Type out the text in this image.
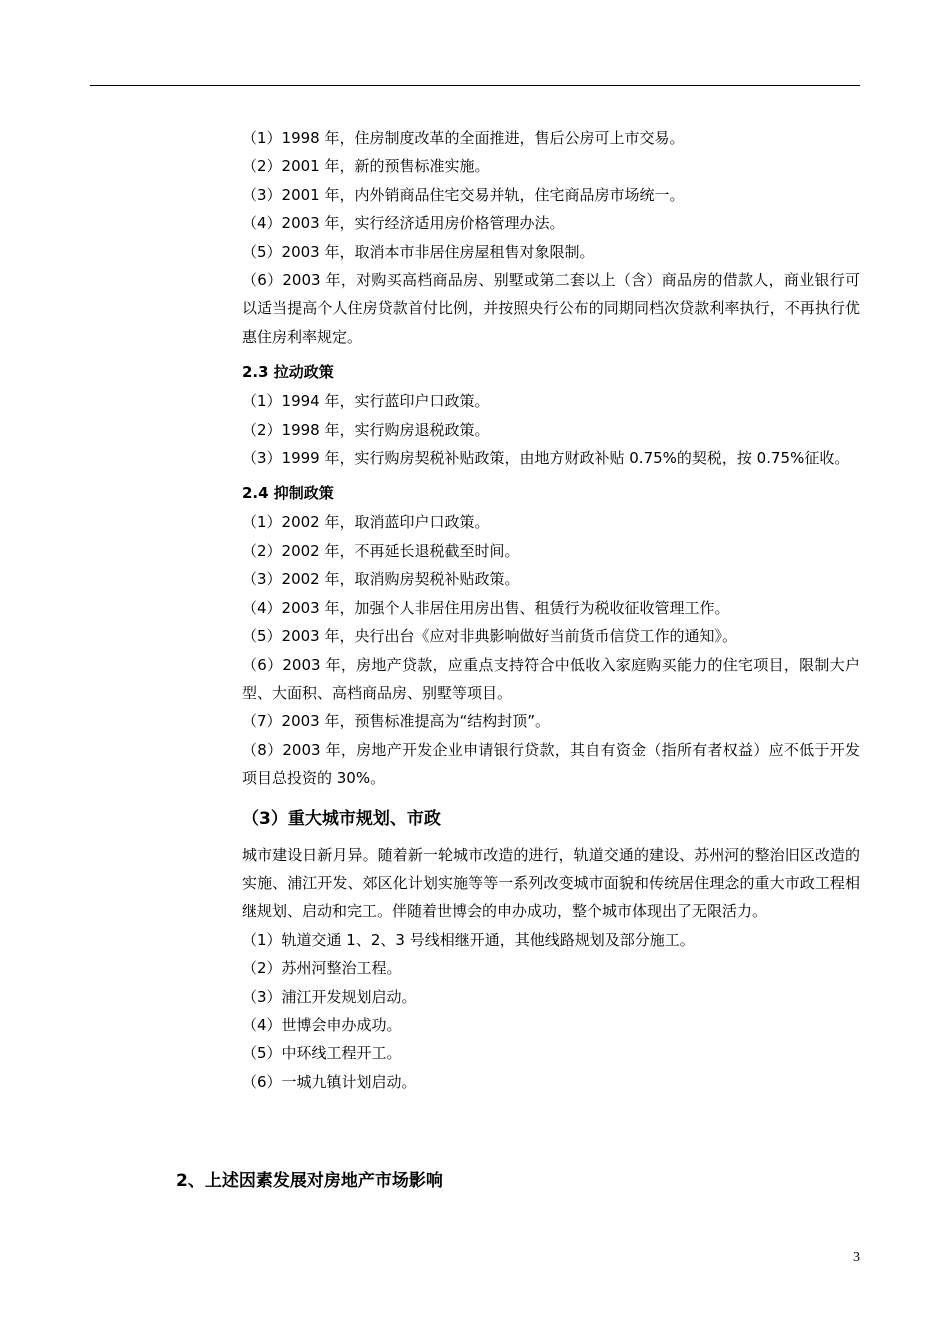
（1）1998 年，住房制度改革的全面推进，售后公房可上市交易。
（2）2001 年，新的预售标准实施。
（3）2001 年，内外销商品住宅交易并轨，住宅商品房市场统一。
（4）2003 年，实行经济适用房价格管理办法。
（5）2003 年，取消本市非居住房屋租售对象限制。
（6）2003 年，对购买高档商品房、别墅或第二套以上（含）商品房的借款人，商业银行可以适当提高个人住房贷款首付比例，并按照央行公布的同期同档次贷款利率执行，不再执行优惠住房利率规定。
2.3 拉动政策
（1）1994 年，实行蓝印户口政策。
（2）1998 年，实行购房退税政策。
（3）1999 年，实行购房契税补贴政策，由地方财政补贴 0.75%的契税，按 0.75%征收。
2.4 抑制政策
（1）2002 年，取消蓝印户口政策。
（2）2002 年，不再延长退税截至时间。
（3）2002 年，取消购房契税补贴政策。
（4）2003 年，加强个人非居住用房出售、租赁行为税收征收管理工作。
（5）2003 年，央行出台《应对非典影响做好当前货币信贷工作的通知》。
（6）2003 年，房地产贷款，应重点支持符合中低收入家庭购买能力的住宅项目，限制大户型、大面积、高档商品房、别墅等项目。
（7）2003 年，预售标准提高为“结构封顶”。
（8）2003 年，房地产开发企业申请银行贷款，其自有资金（指所有者权益）应不低于开发项目总投资的 30%。
（3）重大城市规划、市政
城市建设日新月异。随着新一轮城市改造的进行，轨道交通的建设、苏州河的整治旧区改造的实施、浦江开发、郊区化计划实施等等一系列改变城市面貌和传统居住理念的重大市政工程相继规划、启动和完工。伴随着世博会的申办成功，整个城市体现出了无限活力。
（1）轨道交通 1、2、3 号线相继开通，其他线路规划及部分施工。
（2）苏州河整治工程。
（3）浦江开发规划启动。
（4）世博会申办成功。
（5）中环线工程开工。
（6）一城九镇计划启动。
2、上述因素发展对房地产市场影响
3
